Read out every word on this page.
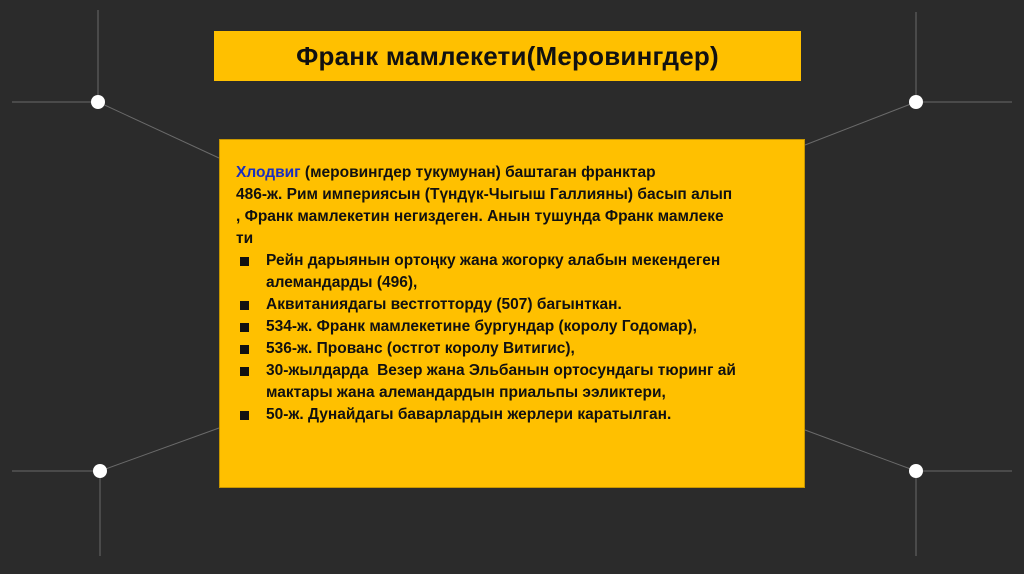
Франк мамлекети(Меровингдер)

Хлодвиг (меровингдер тукумунан) баштаган франктар
486-ж. Рим империясын (Түндүк-Чыгыш Галлияны) басып алып
, Франк мамлекетин негиздеген. Анын тушунда Франк мамлеке
ти

Рейн дарыянын ортоңку жана жогорку алабын мекендеген
алемандарды (496),
Аквитаниядагы вестготторду (507) багынткан.
534-ж. Франк мамлекетине бургундар (королу Годомар),
536-ж. Прованс (остгот королу Витигис),
30-жылдарда  Везер жана Эльбанын ортосундагы тюринг ай
мактары жана алемандардын приальпы ээликтери,
50-ж. Дунайдагы баварлардын жерлери каратылган.
